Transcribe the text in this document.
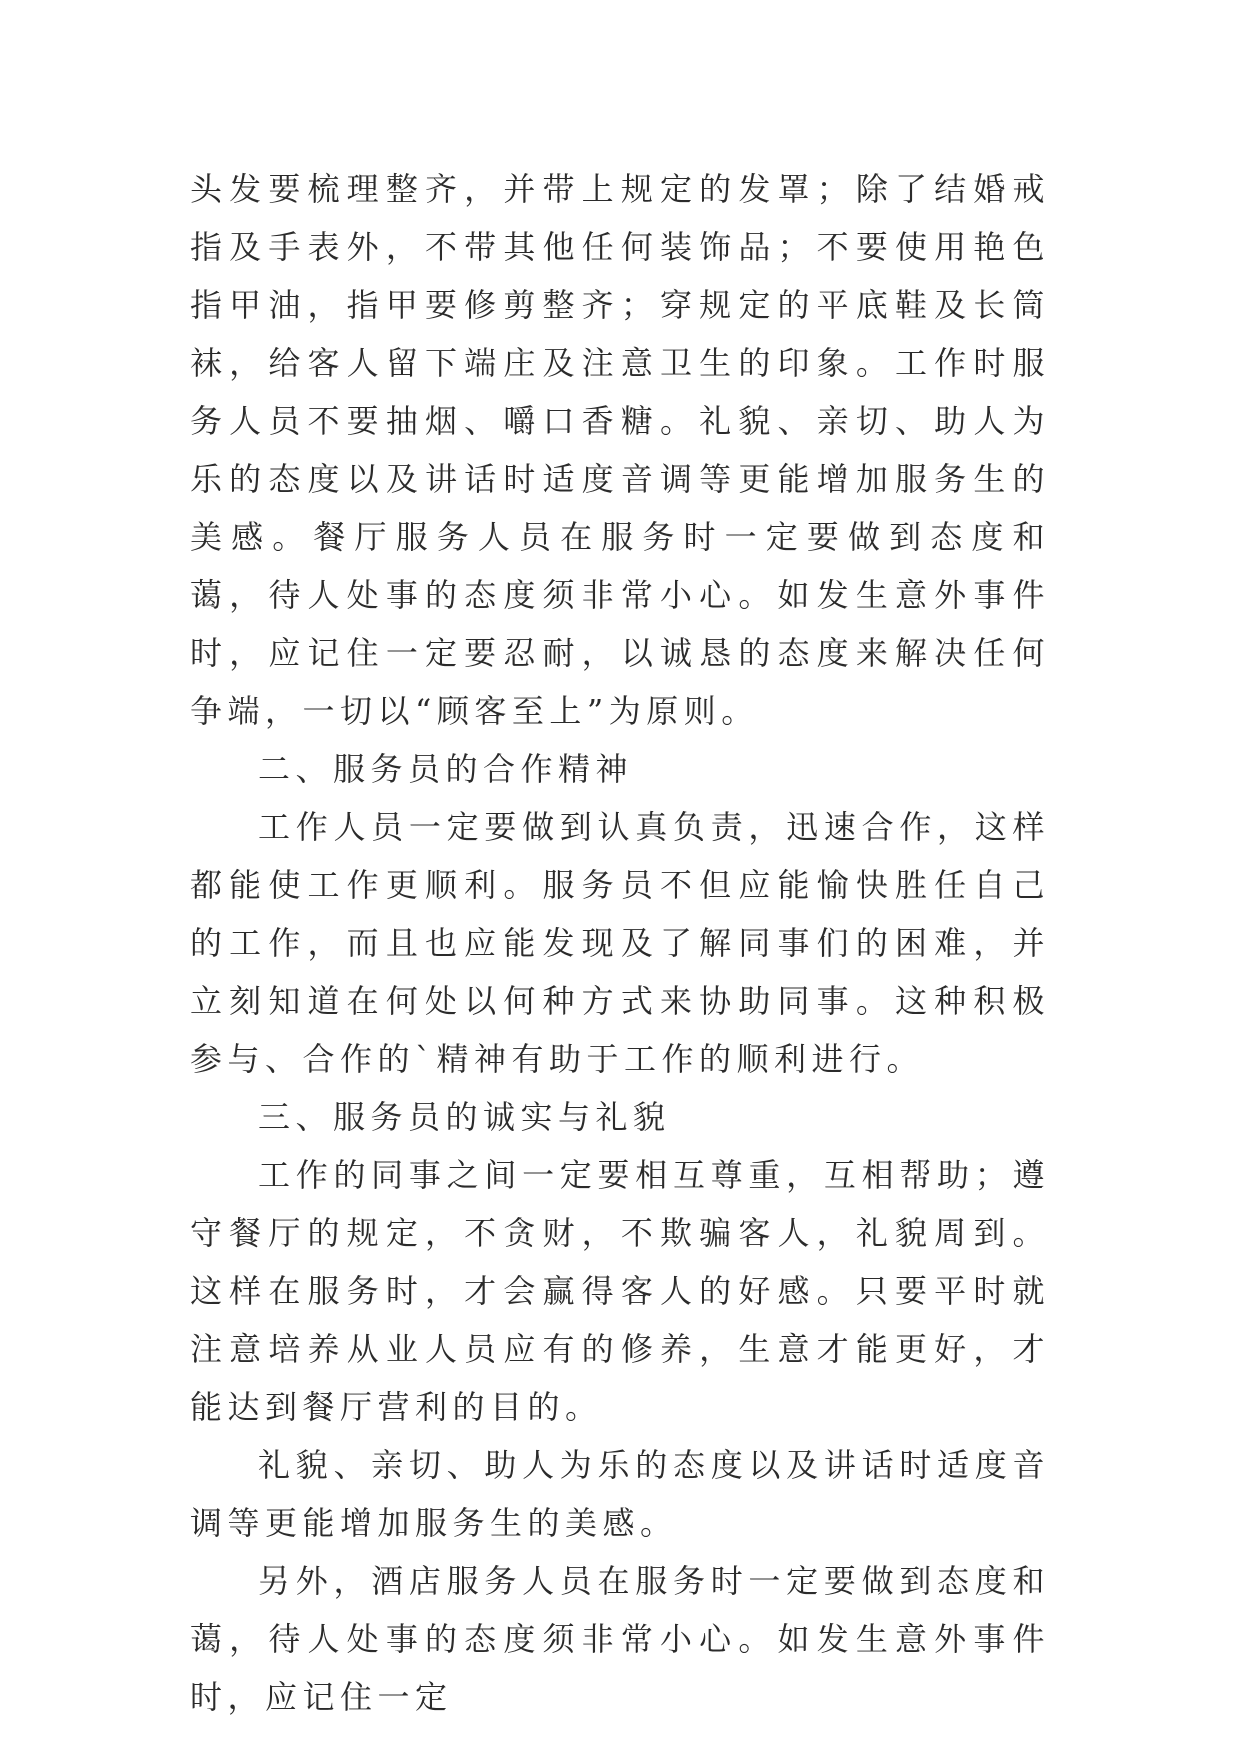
头发要梳理整齐，并带上规定的发罩；除了结婚戒指及手表外，不带其他任何装饰品；不要使用艳色指甲油，指甲要修剪整齐；穿规定的平底鞋及长筒袜，给客人留下端庄及注意卫生的印象。工作时服务人员不要抽烟、嚼口香糖。礼貌、亲切、助人为乐的态度以及讲话时适度音调等更能增加服务生的美感。餐厅服务人员在服务时一定要做到态度和蔼，待人处事的态度须非常小心。如发生意外事件时，应记住一定要忍耐，以诚恳的态度来解决任何争端，一切以“顾客至上”为原则。

二、服务员的合作精神

工作人员一定要做到认真负责，迅速合作，这样都能使工作更顺利。服务员不但应能愉快胜任自己的工作，而且也应能发现及了解同事们的困难，并立刻知道在何处以何种方式来协助同事。这种积极参与、合作的`精神有助于工作的顺利进行。

三、服务员的诚实与礼貌

工作的同事之间一定要相互尊重，互相帮助；遵守餐厅的规定，不贪财，不欺骗客人，礼貌周到。这样在服务时，才会赢得客人的好感。只要平时就注意培养从业人员应有的修养，生意才能更好，才能达到餐厅营利的目的。

礼貌、亲切、助人为乐的态度以及讲话时适度音调等更能增加服务生的美感。

另外，酒店服务人员在服务时一定要做到态度和蔼，待人处事的态度须非常小心。如发生意外事件时，应记住一定
